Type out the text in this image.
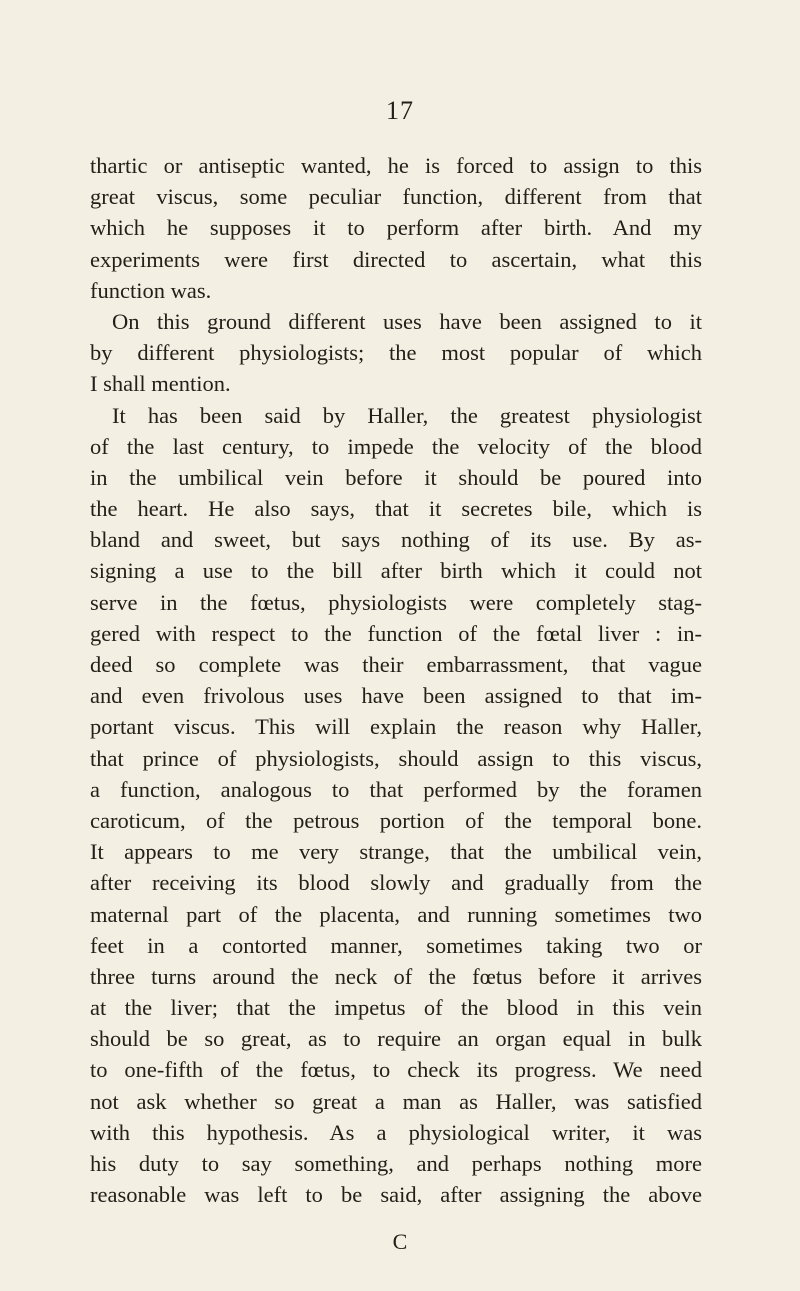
17
thartic or antiseptic wanted, he is forced to assign to this
great viscus, some peculiar function, different from that
which he supposes it to perform after birth. And my
experiments were first directed to ascertain, what this
function was.
On this ground different uses have been assigned to it
by different physiologists; the most popular of which
I shall mention.
It has been said by Haller, the greatest physiologist
of the last century, to impede the velocity of the blood
in the umbilical vein before it should be poured into
the heart. He also says, that it secretes bile, which is
bland and sweet, but says nothing of its use. By as-
signing a use to the bill after birth which it could not
serve in the fœtus, physiologists were completely stag-
gered with respect to the function of the fœtal liver : in-
deed so complete was their embarrassment, that vague
and even frivolous uses have been assigned to that im-
portant viscus. This will explain the reason why Haller,
that prince of physiologists, should assign to this viscus,
a function, analogous to that performed by the foramen
caroticum, of the petrous portion of the temporal bone.
It appears to me very strange, that the umbilical vein,
after receiving its blood slowly and gradually from the
maternal part of the placenta, and running sometimes two
feet in a contorted manner, sometimes taking two or
three turns around the neck of the fœtus before it arrives
at the liver; that the impetus of the blood in this vein
should be so great, as to require an organ equal in bulk
to one-fifth of the fœtus, to check its progress. We need
not ask whether so great a man as Haller, was satisfied
with this hypothesis. As a physiological writer, it was
his duty to say something, and perhaps nothing more
reasonable was left to be said, after assigning the above
C
